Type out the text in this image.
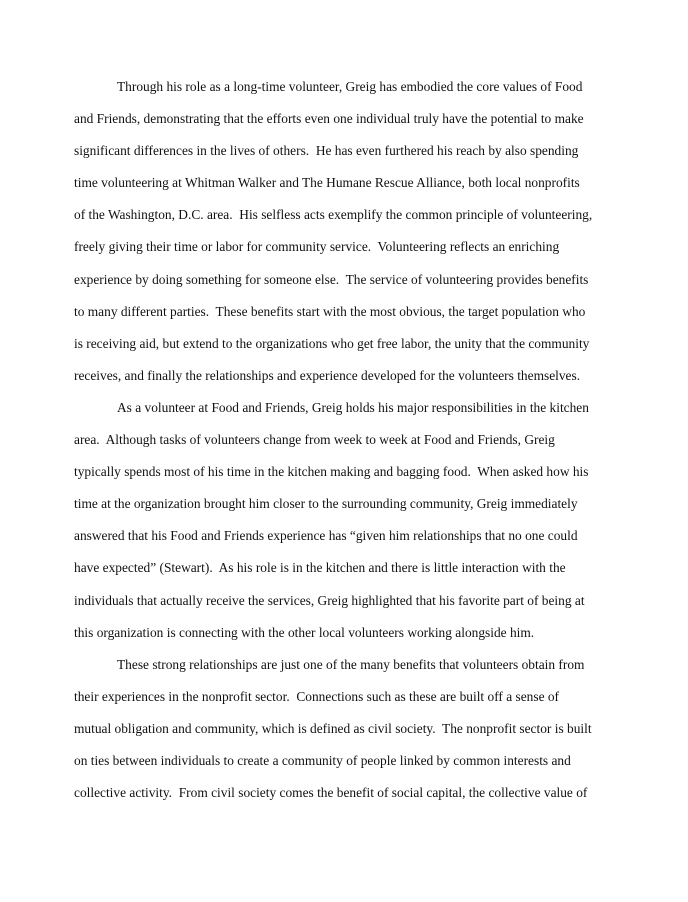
Through his role as a long-time volunteer, Greig has embodied the core values of Food
and Friends, demonstrating that the efforts even one individual truly have the potential to make
significant differences in the lives of others.  He has even furthered his reach by also spending
time volunteering at Whitman Walker and The Humane Rescue Alliance, both local nonprofits
of the Washington, D.C. area.  His selfless acts exemplify the common principle of volunteering,
freely giving their time or labor for community service.  Volunteering reflects an enriching
experience by doing something for someone else.  The service of volunteering provides benefits
to many different parties.  These benefits start with the most obvious, the target population who
is receiving aid, but extend to the organizations who get free labor, the unity that the community
receives, and finally the relationships and experience developed for the volunteers themselves.

As a volunteer at Food and Friends, Greig holds his major responsibilities in the kitchen
area.  Although tasks of volunteers change from week to week at Food and Friends, Greig
typically spends most of his time in the kitchen making and bagging food.  When asked how his
time at the organization brought him closer to the surrounding community, Greig immediately
answered that his Food and Friends experience has “given him relationships that no one could
have expected” (Stewart).  As his role is in the kitchen and there is little interaction with the
individuals that actually receive the services, Greig highlighted that his favorite part of being at
this organization is connecting with the other local volunteers working alongside him.

These strong relationships are just one of the many benefits that volunteers obtain from
their experiences in the nonprofit sector.  Connections such as these are built off a sense of
mutual obligation and community, which is defined as civil society.  The nonprofit sector is built
on ties between individuals to create a community of people linked by common interests and
collective activity.  From civil society comes the benefit of social capital, the collective value of
